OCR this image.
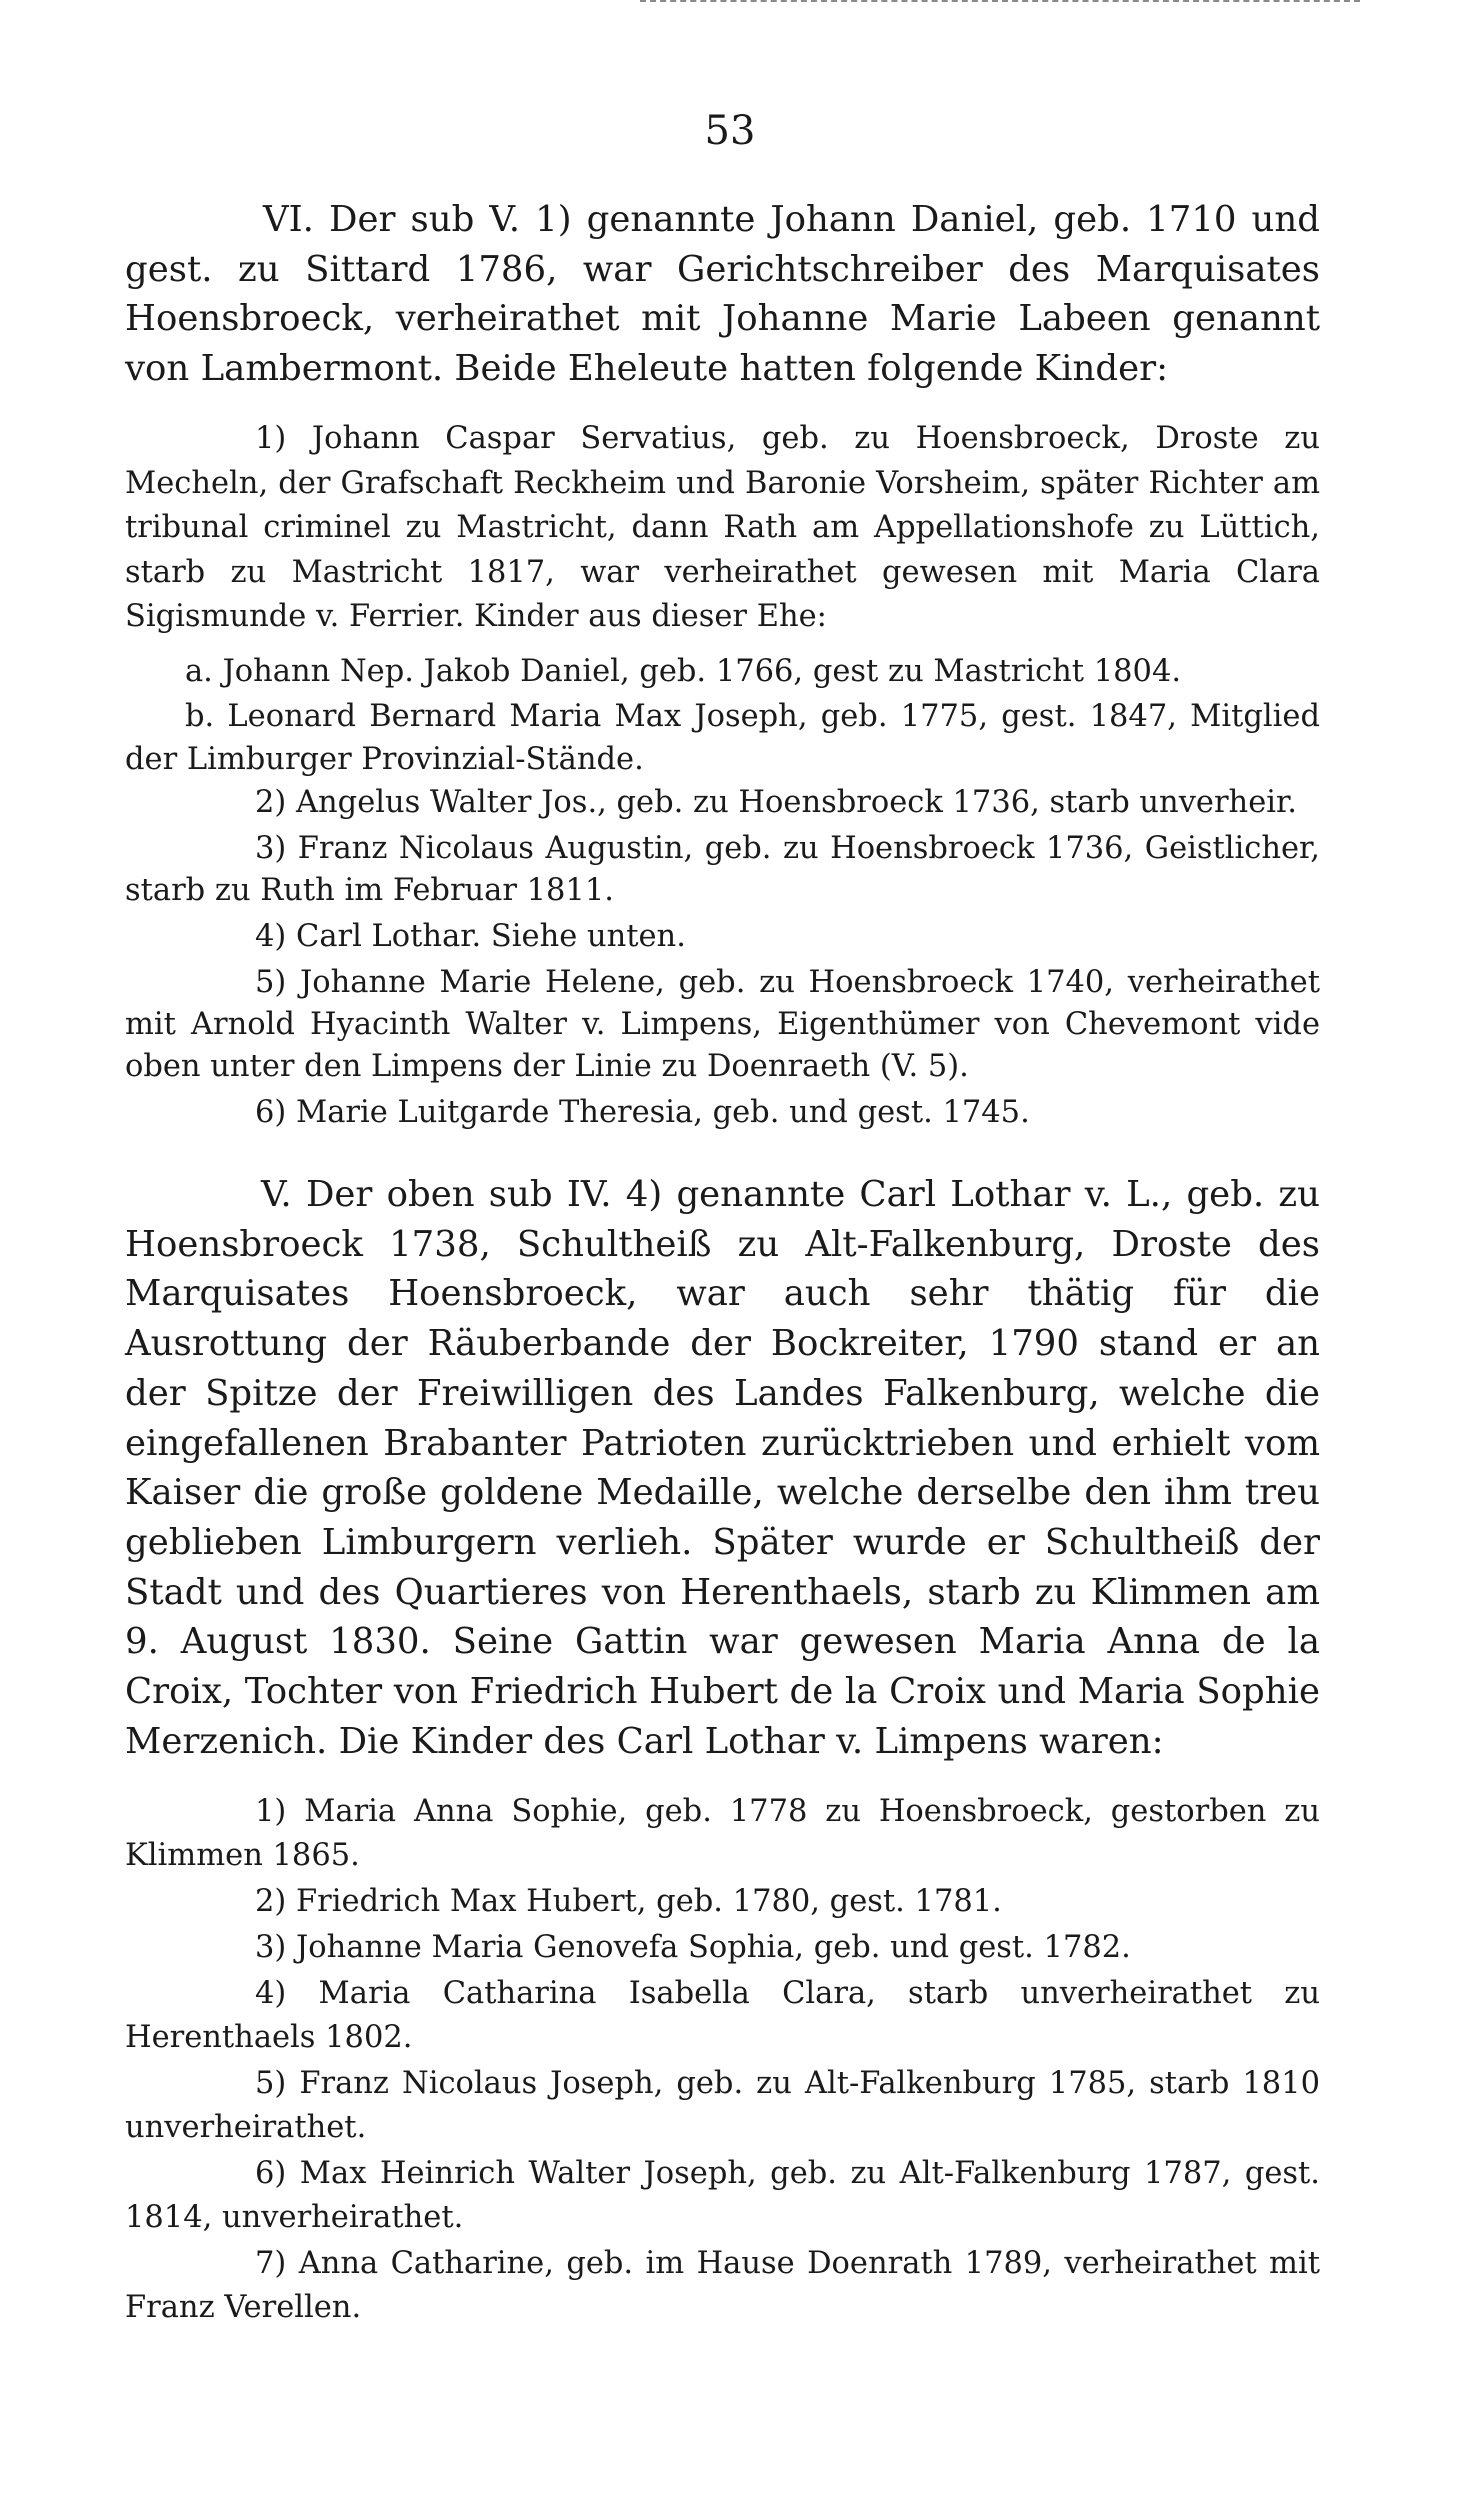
53

VI. Der sub V. 1) genannte Johann Daniel, geb. 1710 und gest. zu Sittard 1786, war Gerichtschreiber des Marquisates Hoensbroeck, verheirathet mit Johanne Marie Labeen genannt von Lambermont. Beide Eheleute hatten folgende Kinder:

1) Johann Caspar Servatius, geb. zu Hoensbroeck, Droste zu Mecheln, der Grafschaft Reckheim und Baronie Vorsheim, später Richter am tribunal criminel zu Mastricht, dann Rath am Appellationshofe zu Lüttich, starb zu Mastricht 1817, war verheirathet gewesen mit Maria Clara Sigismunde v. Ferrier. Kinder aus dieser Ehe:

a. Johann Nep. Jakob Daniel, geb. 1766, gest zu Mastricht 1804.

b. Leonard Bernard Maria Max Joseph, geb. 1775, gest. 1847, Mitglied der Limburger Provinzial-Stände.

2) Angelus Walter Jos., geb. zu Hoensbroeck 1736, starb unverheir.

3) Franz Nicolaus Augustin, geb. zu Hoensbroeck 1736, Geistlicher, starb zu Ruth im Februar 1811.

4) Carl Lothar. Siehe unten.

5) Johanne Marie Helene, geb. zu Hoensbroeck 1740, verheirathet mit Arnold Hyacinth Walter v. Limpens, Eigenthümer von Chevemont vide oben unter den Limpens der Linie zu Doenraeth (V. 5).

6) Marie Luitgarde Theresia, geb. und gest. 1745.

V. Der oben sub IV. 4) genannte Carl Lothar v. L., geb. zu Hoensbroeck 1738, Schultheiß zu Alt-Falkenburg, Droste des Marquisates Hoensbroeck, war auch sehr thätig für die Ausrottung der Räuberbande der Bockreiter, 1790 stand er an der Spitze der Freiwilligen des Landes Falkenburg, welche die eingefallenen Brabanter Patrioten zurücktrieben und erhielt vom Kaiser die große goldene Medaille, welche derselbe den ihm treu geblieben Limburgern verlieh. Später wurde er Schultheiß der Stadt und des Quartieres von Herenthaels, starb zu Klimmen am 9. August 1830. Seine Gattin war gewesen Maria Anna de la Croix, Tochter von Friedrich Hubert de la Croix und Maria Sophie Merzenich. Die Kinder des Carl Lothar v. Limpens waren:

1) Maria Anna Sophie, geb. 1778 zu Hoensbroeck, gestorben zu Klimmen 1865.

2) Friedrich Max Hubert, geb. 1780, gest. 1781.

3) Johanne Maria Genovefa Sophia, geb. und gest. 1782.

4) Maria Catharina Isabella Clara, starb unverheirathet zu Herenthaels 1802.

5) Franz Nicolaus Joseph, geb. zu Alt-Falkenburg 1785, starb 1810 unverheirathet.

6) Max Heinrich Walter Joseph, geb. zu Alt-Falkenburg 1787, gest. 1814, unverheirathet.

7) Anna Catharine, geb. im Hause Doenrath 1789, verheirathet mit Franz Verellen.
